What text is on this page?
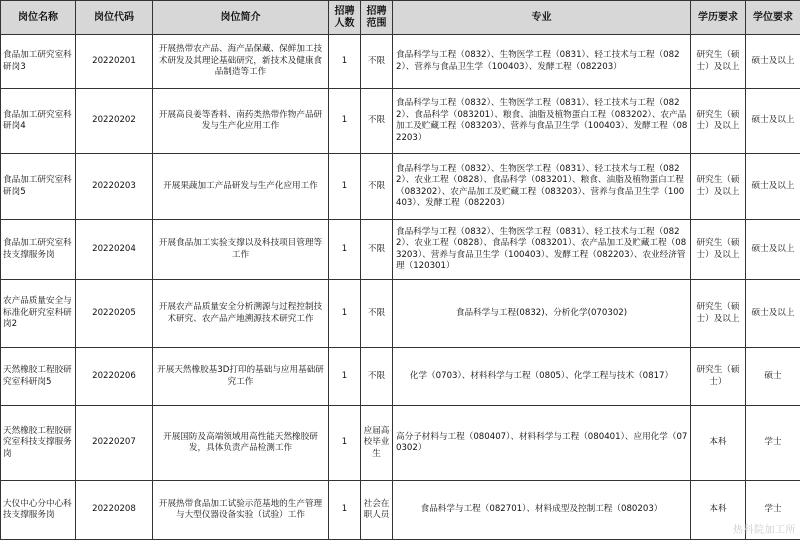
岗位名称	岗位代码	岗位简介	招聘人数	招聘范围	专业	学历要求	学位要求
食品加工研究室科研岗3	20220201	开展热带农产品、海产品保藏、保鲜加工技术研发及其理论基础研究，新技术及健康食品制造等工作	1	不限	食品科学与工程（0832）、生物医学工程（0831）、轻工技术与工程（0822）、营养与食品卫生学（100403）、发酵工程（082203）	研究生（硕士）及以上	硕士及以上
食品加工研究室科研岗4	20220202	开展高良姜等香料、南药类热带作物产品研发与生产化应用工作	1	不限	食品科学与工程（0832）、生物医学工程（0831）、轻工技术与工程（0822）、食品科学（083201）、粮食、油脂及植物蛋白工程（083202）、农产品加工及贮藏工程（083203）、营养与食品卫生学（100403）、发酵工程（082203）	研究生（硕士）及以上	硕士及以上
食品加工研究室科研岗5	20220203	开展果蔬加工产品研发与生产化应用工作	1	不限	食品科学与工程（0832）、生物医学工程（0831）、轻工技术与工程（0822）、农业工程（0828）、食品科学（083201）、粮食、油脂及植物蛋白工程（083202）、农产品加工及贮藏工程（083203）、营养与食品卫生学（100403）、发酵工程（082203）	研究生（硕士）及以上	硕士及以上
食品加工研究室科技支撑服务岗	20220204	开展食品加工实验支撑以及科技项目管理等工作	1	不限	食品科学与工程（0832）、生物医学工程（0831）、轻工技术与工程（0822）、农业工程（0828）、食品科学（083201）、农产品加工及贮藏工程（083203）、营养与食品卫生学（100403）、发酵工程（082203）、农业经济管理（120301）	研究生（硕士）及以上	硕士及以上
农产品质量安全与标准化研究室科研岗2	20220205	开展农产品质量安全分析溯源与过程控制技术研究、农产品产地溯源技术研究工作	1	不限	食品科学与工程(0832)、分析化学(070302)	研究生（硕士）及以上	硕士及以上
天然橡胶工程胶研究室科研岗5	20220206	开展天然橡胶基3D打印的基础与应用基础研究工作	1	不限	化学（0703）、材料科学与工程（0805）、化学工程与技术（0817）	研究生（硕士）	硕士
天然橡胶工程胶研究室科技支撑服务岗	20220207	开展国防及高端领域用高性能天然橡胶研发，具体负责产品检测工作	1	应届高校毕业生	高分子材料与工程（080407）、材料科学与工程（080401）、应用化学（070302）	本科	学士
大仪中心分中心科技支撑服务岗	20220208	开展热带食品加工试验示范基地的生产管理与大型仪器设备实验（试验）工作	1	社会在职人员	食品科学与工程（082701）、材料成型及控制工程（080203）	本科	学士
热科院加工所
